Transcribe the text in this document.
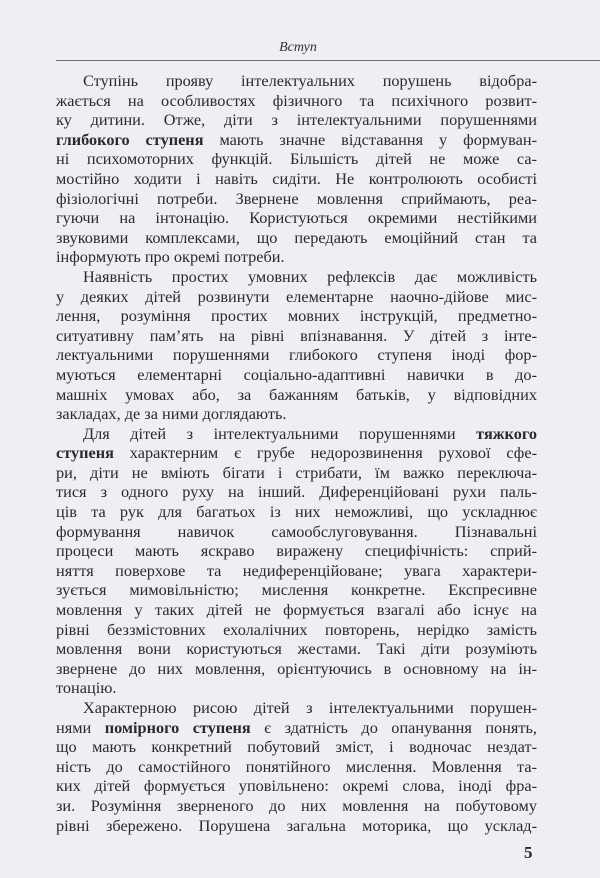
Вступ
Ступінь прояву інтелектуальних порушень відобра-
жається на особливостях фізичного та психічного розвит-
ку дитини. Отже, діти з інтелектуальними порушеннями
глибокого ступеня мають значне відставання у формуван-
ні психомоторних функцій. Більшість дітей не може са-
мостійно ходити і навіть сидіти. Не контролюють особисті
фізіологічні потреби. Звернене мовлення сприймають, реа-
гуючи на інтонацію. Користуються окремими нестійкими
звуковими комплексами, що передають емоційний стан та
інформують про окремі потреби.
Наявність простих умовних рефлексів дає можливість
у деяких дітей розвинути елементарне наочно-дійове мис-
лення, розуміння простих мовних інструкцій, предметно-
ситуативну пам’ять на рівні впізнавання. У дітей з інте-
лектуальними порушеннями глибокого ступеня іноді фор-
муються елементарні соціально-адаптивні навички в до-
машніх умовах або, за бажанням батьків, у відповідних
закладах, де за ними доглядають.
Для дітей з інтелектуальними порушеннями тяжкого
ступеня характерним є грубе недорозвинення рухової сфе-
ри, діти не вміють бігати і стрибати, їм важко переключа-
тися з одного руху на інший. Диференційовані рухи паль-
ців та рук для багатьох із них неможливі, що ускладнює
формування навичок самообслуговування. Пізнавальні
процеси мають яскраво виражену специфічність: сприй-
няття поверхове та недиференційоване; увага характери-
зується мимовільністю; мислення конкретне. Експресивне
мовлення у таких дітей не формується взагалі або існує на
рівні беззмістовних ехолалічних повторень, нерідко замість
мовлення вони користуються жестами. Такі діти розуміють
звернене до них мовлення, орієнтуючись в основному на ін-
тонацію.
Характерною рисою дітей з інтелектуальними порушен-
нями помірного ступеня є здатність до опанування понять,
що мають конкретний побутовий зміст, і водночас нездат-
ність до самостійного понятійного мислення. Мовлення та-
ких дітей формується уповільнено: окремі слова, іноді фра-
зи. Розуміння зверненого до них мовлення на побутовому
рівні збережено. Порушена загальна моторика, що усклад-
5
